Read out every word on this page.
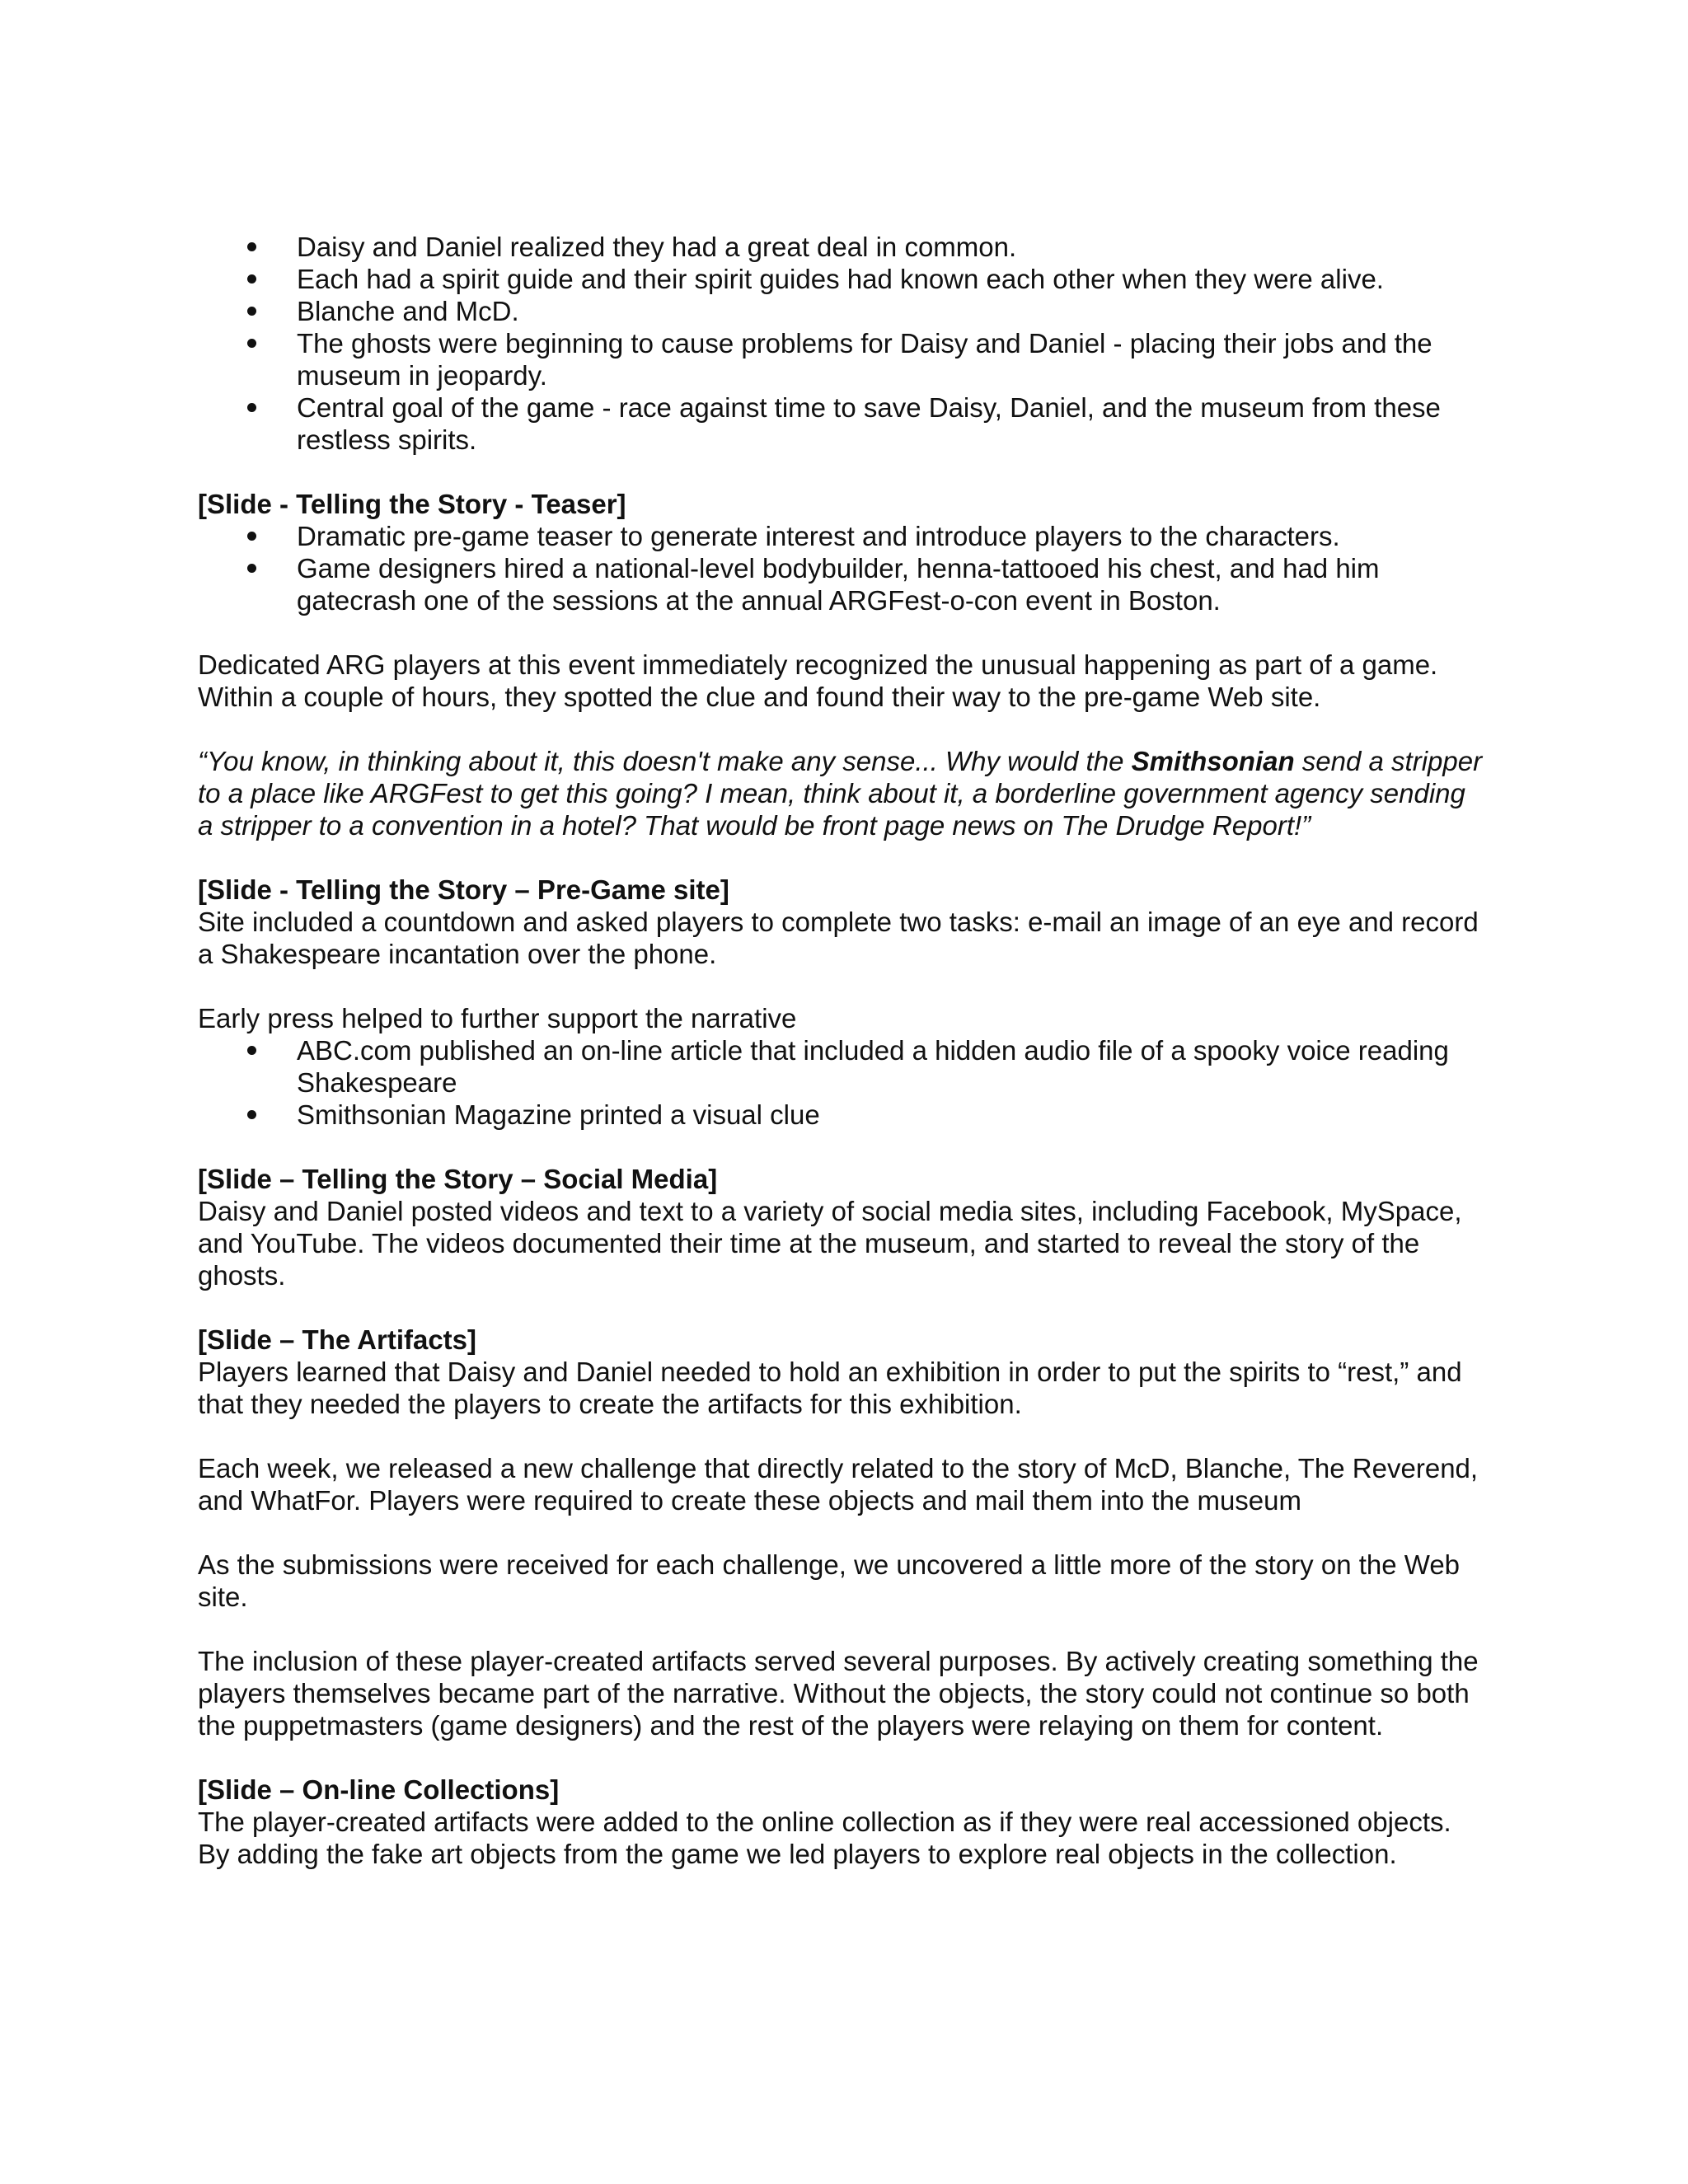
Daisy and Daniel realized they had a great deal in common.
Each had a spirit guide and their spirit guides had known each other when they were alive.
Blanche and McD.
The ghosts were beginning to cause problems for Daisy and Daniel - placing their jobs and the museum in jeopardy.
Central goal of the game - race against time to save Daisy, Daniel, and the museum from these restless spirits.

[Slide - Telling the Story - Teaser]

Dramatic pre-game teaser to generate interest and introduce players to the characters.
Game designers hired a national-level bodybuilder, henna-tattooed his chest, and had him gatecrash one of the sessions at the annual ARGFest-o-con event in Boston.

Dedicated ARG players at this event immediately recognized the unusual happening as part of a game. Within a couple of hours, they spotted the clue and found their way to the pre-game Web site.

“You know, in thinking about it, this doesn't make any sense... Why would the Smithsonian send a stripper to a place like ARGFest to get this going? I mean, think about it, a borderline government agency sending a stripper to a convention in a hotel? That would be front page news on The Drudge Report!”

[Slide - Telling the Story – Pre-Game site]

Site included a countdown and asked players to complete two tasks: e-mail an image of an eye and record a Shakespeare incantation over the phone.

Early press helped to further support the narrative

ABC.com published an on-line article that included a hidden audio file of a spooky voice reading Shakespeare
Smithsonian Magazine printed a visual clue

[Slide – Telling the Story – Social Media]

Daisy and Daniel posted videos and text to a variety of social media sites, including Facebook, MySpace, and YouTube. The videos documented their time at the museum, and started to reveal the story of the ghosts.

[Slide – The Artifacts]

Players learned that Daisy and Daniel needed to hold an exhibition in order to put the spirits to “rest,” and that they needed the players to create the artifacts for this exhibition.

Each week, we released a new challenge that directly related to the story of McD, Blanche, The Reverend, and WhatFor. Players were required to create these objects and mail them into the museum

As the submissions were received for each challenge, we uncovered a little more of the story on the Web site.

The inclusion of these player-created artifacts served several purposes. By actively creating something the players themselves became part of the narrative. Without the objects, the story could not continue so both the puppetmasters (game designers) and the rest of the players were relaying on them for content.

[Slide – On-line Collections]

The player-created artifacts were added to the online collection as if they were real accessioned objects. By adding the fake art objects from the game we led players to explore real objects in the collection.
